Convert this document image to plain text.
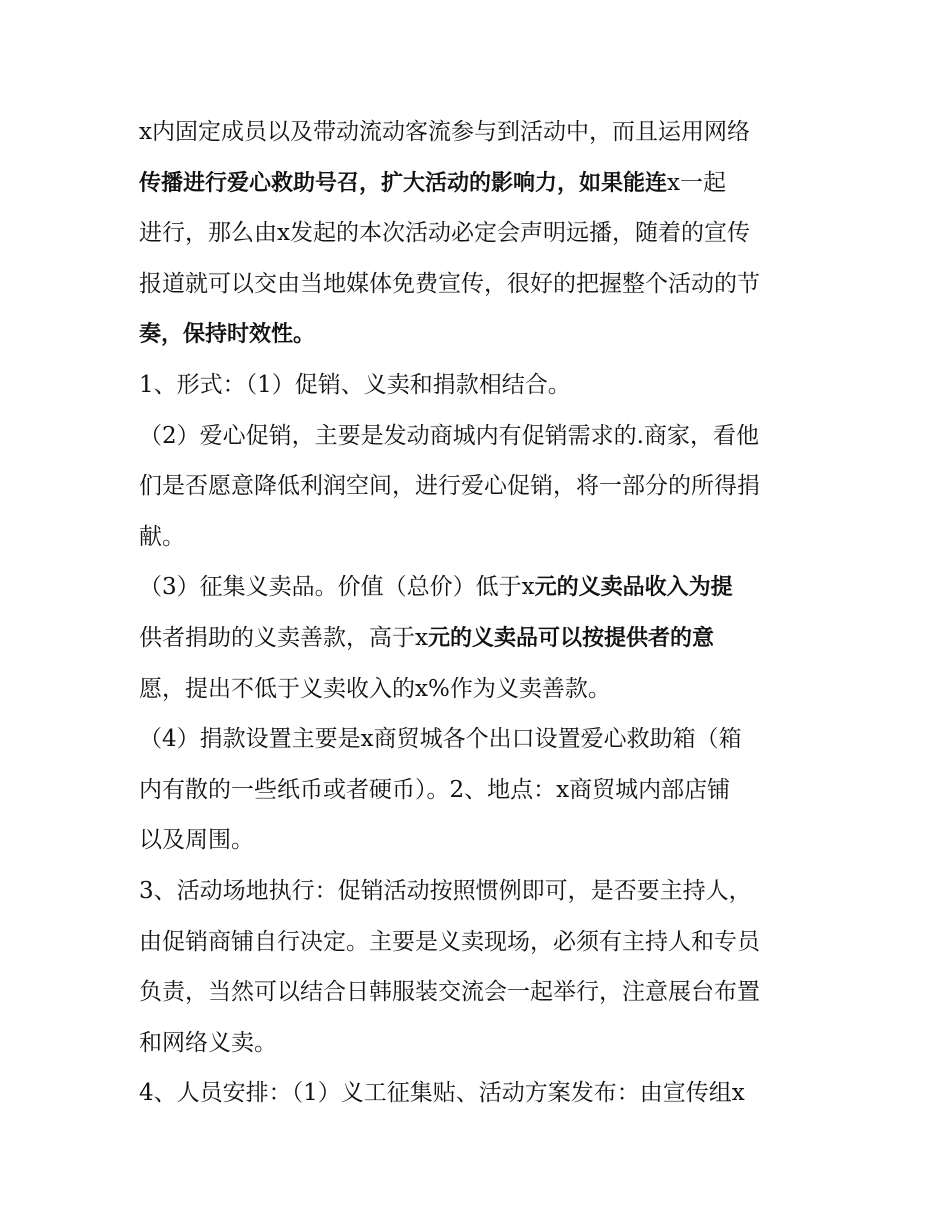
x内固定成员以及带动流动客流参与到活动中，而且运用网络
传播进行爱心救助号召，扩大活动的影响力，如果能连x一起
进行，那么由x发起的本次活动必定会声明远播，随着的宣传
报道就可以交由当地媒体免费宣传，很好的把握整个活动的节
奏，保持时效性。
1、形式：（1）促销、义卖和捐款相结合。
（2）爱心促销，主要是发动商城内有促销需求的.商家，看他
们是否愿意降低利润空间，进行爱心促销，将一部分的所得捐
献。
（3）征集义卖品。价值（总价）低于x元的义卖品收入为提
供者捐助的义卖善款，高于x元的义卖品可以按提供者的意
愿，提出不低于义卖收入的x%作为义卖善款。
（4）捐款设置主要是x商贸城各个出口设置爱心救助箱（箱
内有散的一些纸币或者硬币）。2、地点：x商贸城内部店铺
以及周围。
3、活动场地执行：促销活动按照惯例即可，是否要主持人，
由促销商铺自行决定。主要是义卖现场，必须有主持人和专员
负责，当然可以结合日韩服装交流会一起举行，注意展台布置
和网络义卖。
4、人员安排：（1）义工征集贴、活动方案发布：由宣传组x
